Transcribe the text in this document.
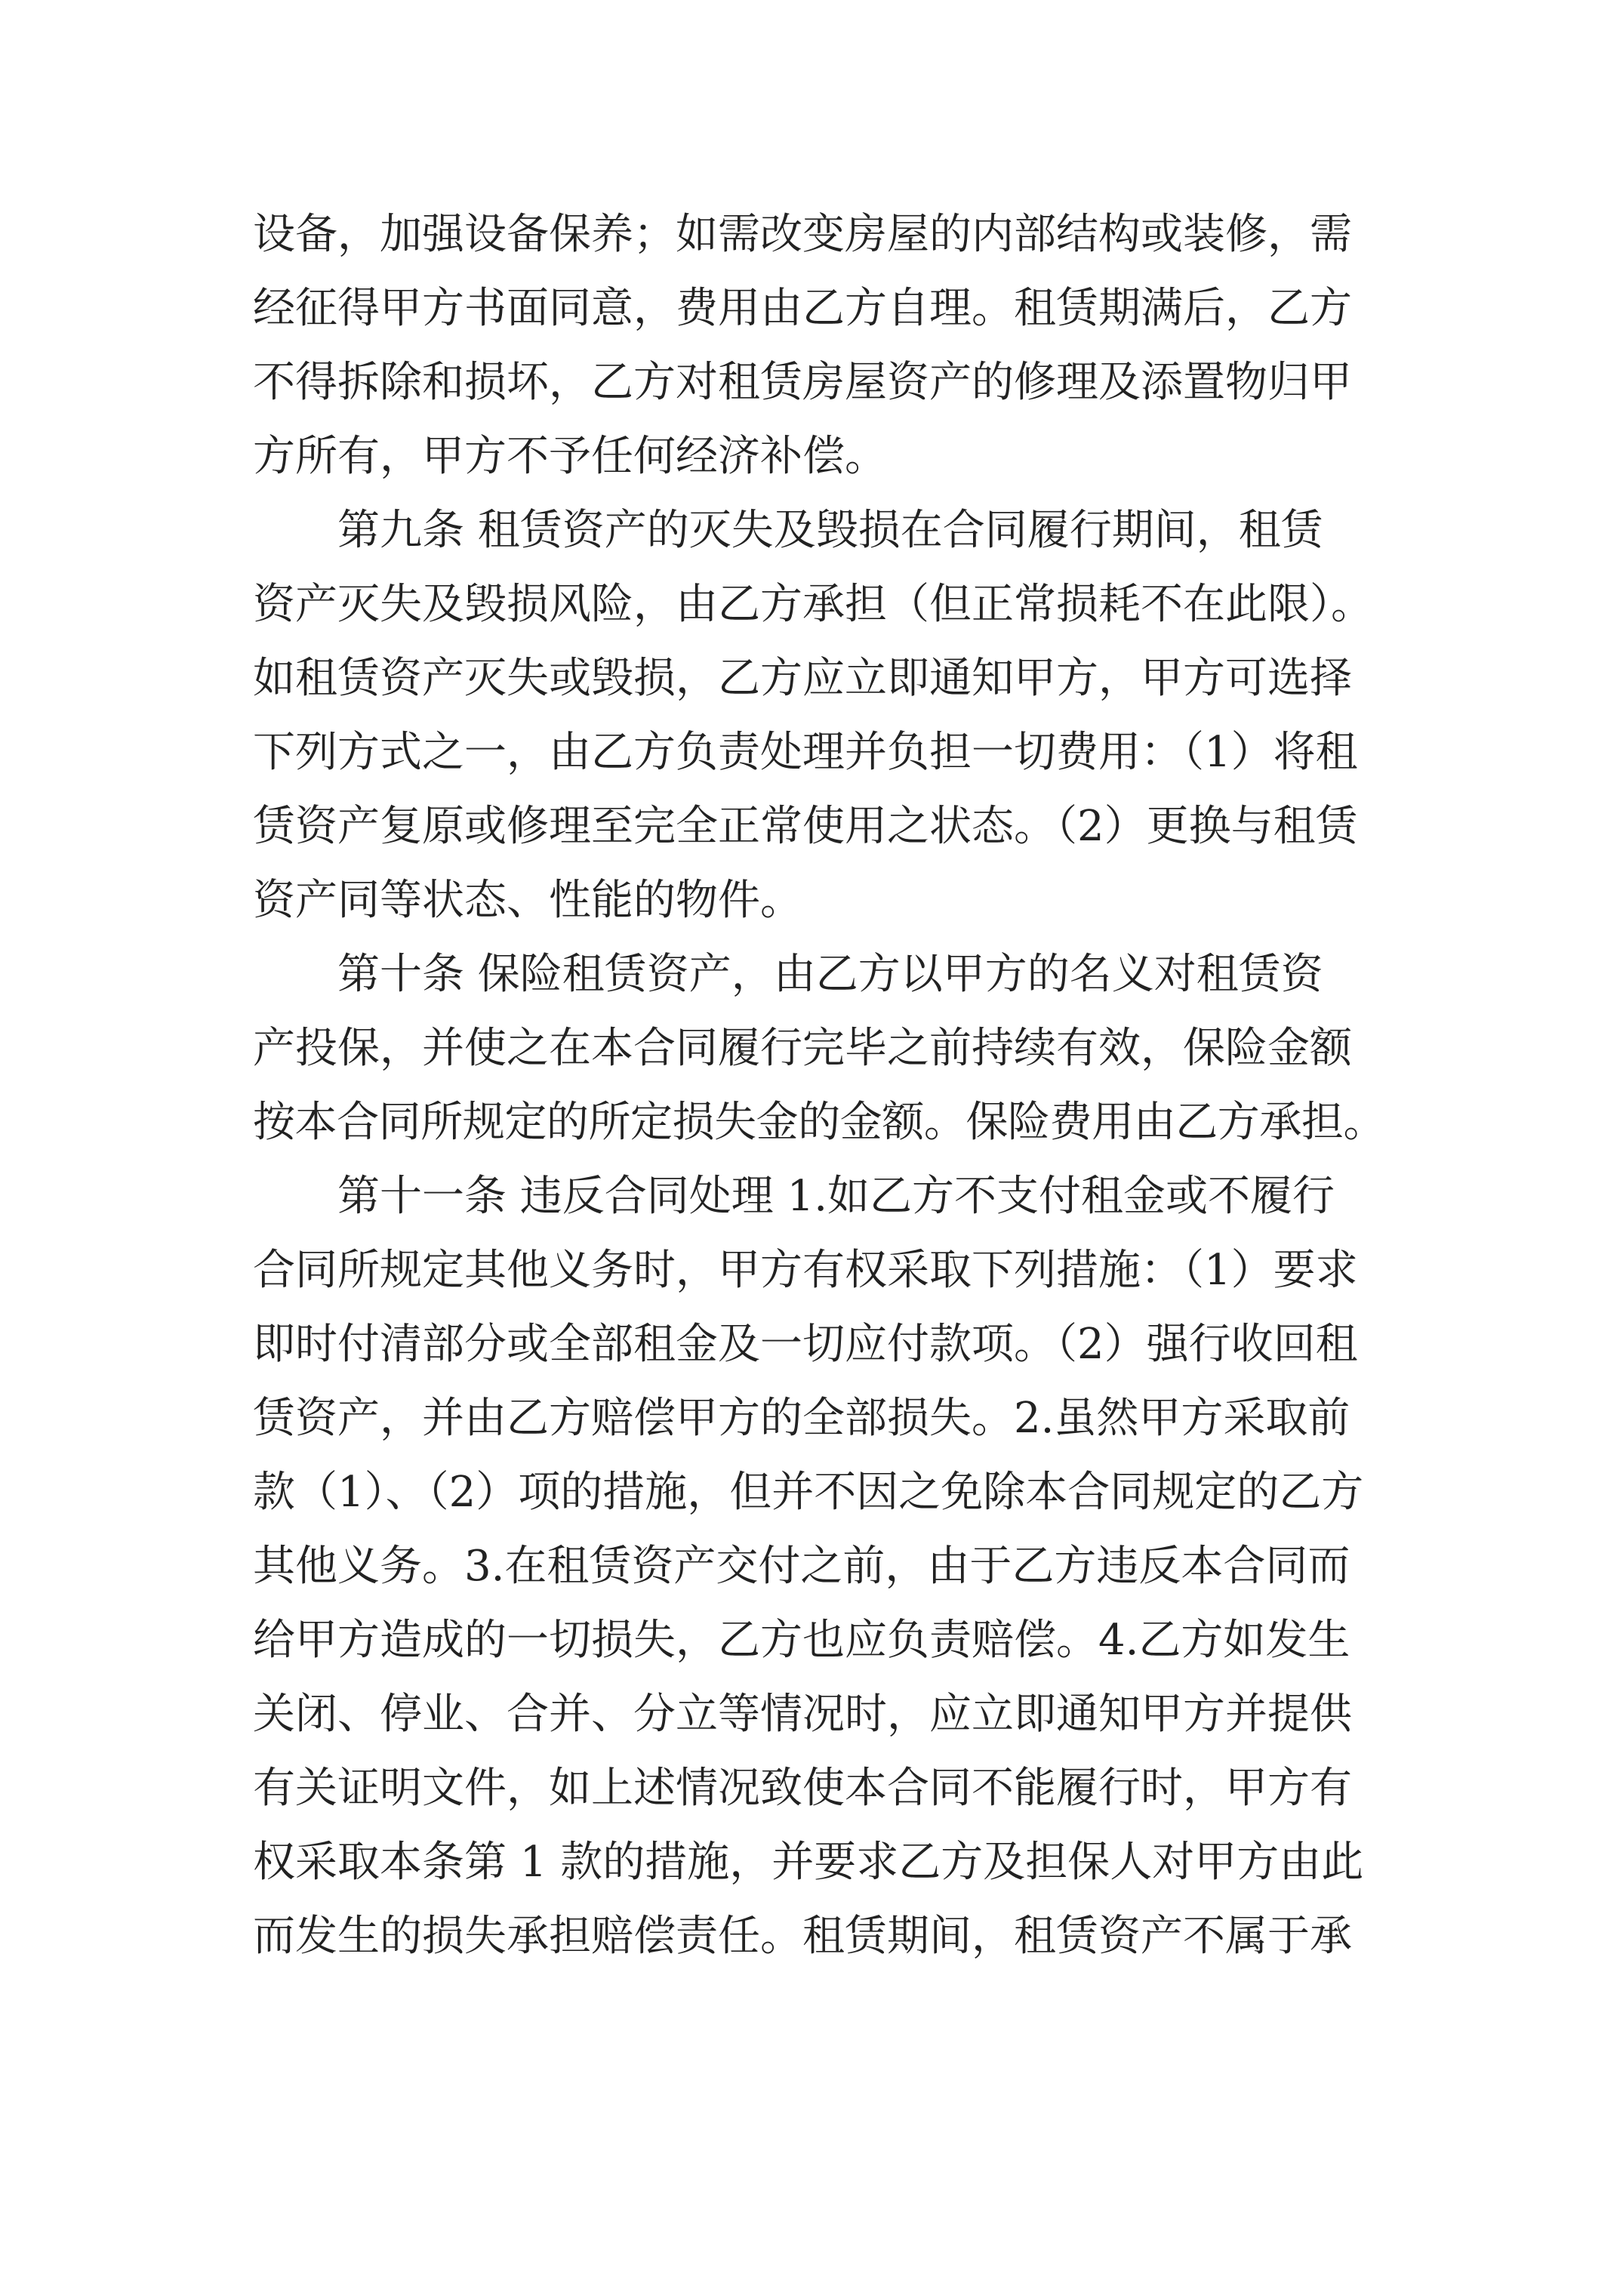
设备，加强设备保养；如需改变房屋的内部结构或装修，需
经征得甲方书面同意，费用由乙方自理。租赁期满后，乙方
不得拆除和损坏，乙方对租赁房屋资产的修理及添置物归甲
方所有，甲方不予任何经济补偿。
第九条 租赁资产的灭失及毁损在合同履行期间，租赁
资产灭失及毁损风险，由乙方承担（但正常损耗不在此限）。
如租赁资产灭失或毁损，乙方应立即通知甲方，甲方可选择
下列方式之一，由乙方负责处理并负担一切费用：（1）将租
赁资产复原或修理至完全正常使用之状态。（2）更换与租赁
资产同等状态、性能的物件。
第十条 保险租赁资产，由乙方以甲方的名义对租赁资
产投保，并使之在本合同履行完毕之前持续有效，保险金额
按本合同所规定的所定损失金的金额。保险费用由乙方承担。
第十一条 违反合同处理 1.如乙方不支付租金或不履行
合同所规定其他义务时，甲方有权采取下列措施：（1）要求
即时付清部分或全部租金及一切应付款项。（2）强行收回租
赁资产，并由乙方赔偿甲方的全部损失。2.虽然甲方采取前
款（1）、（2）项的措施，但并不因之免除本合同规定的乙方
其他义务。3.在租赁资产交付之前，由于乙方违反本合同而
给甲方造成的一切损失，乙方也应负责赔偿。4.乙方如发生
关闭、停业、合并、分立等情况时，应立即通知甲方并提供
有关证明文件，如上述情况致使本合同不能履行时，甲方有
权采取本条第 1 款的措施，并要求乙方及担保人对甲方由此
而发生的损失承担赔偿责任。租赁期间，租赁资产不属于承
